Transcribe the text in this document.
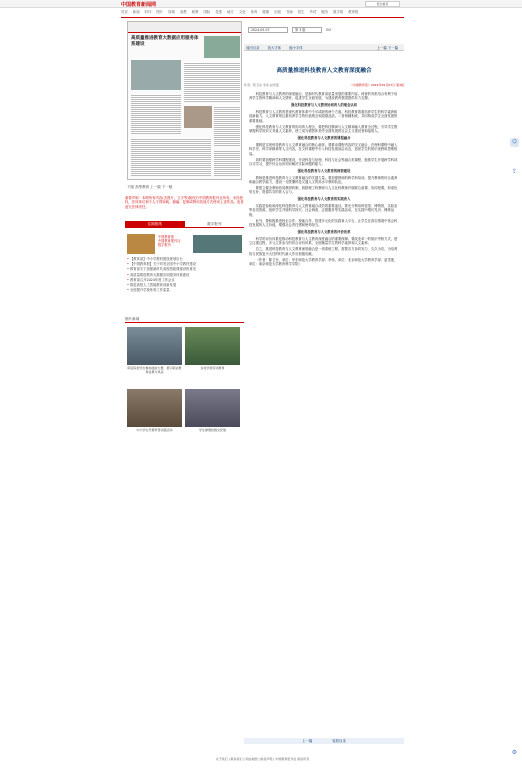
中国教育新闻网	设为首页
首页 新闻 时评 图片 视频 高教 职教 国际 党建 地方 文化 体育 健康 出版 书画 招生 考试 服务 数字报 教育报
高质量推进教育大数据应用服务体系建设
下版 高等教育 上一版 下一版
重要声明：本网所有内容(含图片、文字等)版权归中国教育报刊社所有。未经授权，任何单位和个人不得转载、摘编、复制或利用其他方式使用上述作品。违者追究法律责任。
往期报纸	数字报刊
中国教育报
中国教育报刊社
数字报刊
• 【教育部】中小学教材建设规划出台
• 【中国教育报】关于印发全国中小学教材建设
• 教育部关于加强新时代高校思政课建设的意见
• 高质量推进教育大数据应用服务体系建设
• 教育部召开2024年度工作会议
• 推进高校人工智能教育创新发展
• 全面提升学校体育工作质量
图片新闻
职业院校学生参加技能大赛，展示职业教育成果与风采
乡村学校劳动教育
中小学生开展科普实践活动	学生参观校园文化展
2024-05-07	第 3 版	GO
返回目录 放大字体 缩小字体	上一篇 下一篇
高质量推进科技教育人文教育深度融合
作者：陈卫东 李伟 赵雪莲	《中国教育报》2024年05月07日 第3版

科技教育与人文教育的深度融合，是新时代教育高质量发展的重要内容。两者的有机结合有利于培养学生的科学精神和人文情怀，促进学生全面发展，为建设教育强国提供有力支撑。

强化科技教育与人文教育协同育人的理念认同

科技教育与人文教育是现代教育体系中不可或缺的两个方面。科技教育着重培养学生的科学素养和创新能力，人文教育则注重培养学生的价值观念和道德品质。二者相辅相成，共同构成学生全面发展的重要基础。

强化科技教育与人文教育的协同育人理念，要把科技精神与人文精神融入教育全过程，引导学生既掌握科学知识又具备人文素养，使之成为德智体美劳全面发展的社会主义建设者和接班人。

强化科技教育与人文教育的课程融合

课程是实现科技教育与人文教育融合的核心载体。要推动课程内容的交叉融合，在理科课程中融入科学史、科学家精神等人文内容，在文科课程中引入科技发展前沿动态，拓宽学生的知识视野和思维格局。

同时要加强跨学科课程建设，开设科技与伦理、科技与社会等融合类课程，鼓励学生开展跨学科项目式学习，提升综合运用知识解决实际问题的能力。

强化科技教育与人文教育的师资建设

教师是推进科技教育与人文教育融合的关键力量。要加强教师的跨学科培训，提升教师的综合素养和融合教学能力，建设一支既懂科技又通人文的高水平教师队伍。

要建立健全教师协同教研机制，鼓励理工科教师与人文社科教师开展联合备课、协同授课，形成优势互补、资源共享的育人合力。

强化科技教育与人文教育的实践育人

实践是检验和深化科技教育与人文教育融合成效的重要途径。要充分利用科技馆、博物馆、实验室等各类资源，组织学生开展科学探究、社会调查、志愿服务等实践活动，在实践中增长见识、锤炼品格。

此外，要积极推进校企合作、校地合作，搭建多元化的实践育人平台，让学生在真实情境中体会科技发展的人文价值，增强社会责任感和使命担当。

强化科技教育与人文教育的评价改革

科学的评价体系是推动科技教育与人文教育深度融合的重要保障。要改变单一的知识考核方式，建立注重过程、多元主体参与的综合评价体系，全面衡量学生的科学素养和人文素养。

总之，推进科技教育与人文教育深度融合是一项系统工程，需要各方协同发力、久久为功，为培养担当民族复兴大任的时代新人作出积极贡献。

（作者：陈卫东，单位：华东师范大学教育学部；李伟，单位：北京师范大学教育学部；赵雪莲，单位：南京师范大学教育科学学院）

上一篇	返回目录
关于我们 | 联系我们 | 网站地图 | 版权声明 | 中国教育报刊社 版权所有
☺
⇪
⚙
